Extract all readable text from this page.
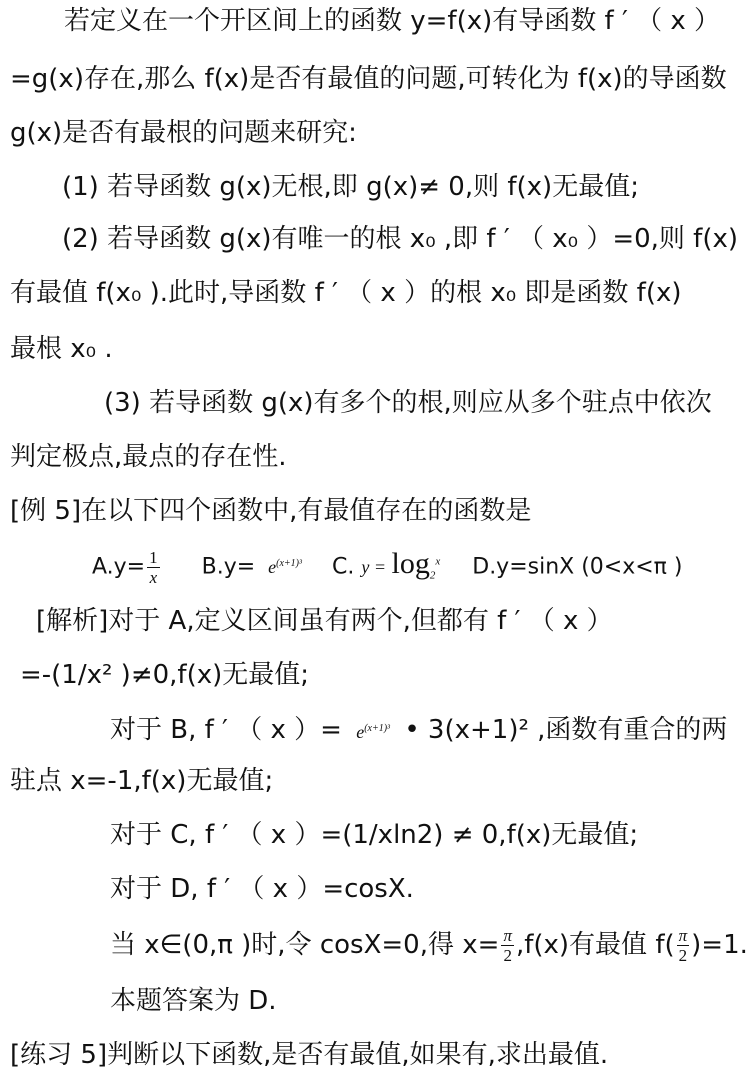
若定义在一个开区间上的函数 y=f(x)有导函数 f ′ （ x ）
=g(x)存在,那么 f(x)是否有最值的问题,可转化为 f(x)的导函数
g(x)是否有最根的问题来研究:
(1) 若导函数 g(x)无根,即 g(x)≠ 0,则 f(x)无最值;
(2) 若导函数 g(x)有唯一的根 x₀ ,即 f ′ （ x₀ ）=0,则 f(x)
有最值 f(x₀ ).此时,导函数 f ′ （ x ）的根 x₀ 即是函数 f(x)
最根 x₀ .
(3) 若导函数 g(x)有多个的根,则应从多个驻点中依次
判定极点,最点的存在性.
[例 5]在以下四个函数中,有最值存在的函数是
$A.y= \frac{1}{x} B.y= e^{(x+1)^3}$ C. $y = \log_2^x D.y=\sin X$ (0<x<π )
[解析]对于 A,定义区间虽有两个,但都有 f ′ （ x ）
=-(1/x² )≠0,f(x)无最值;
对于 B, f ′ （ x ）= $e^{(x+1)^3}$ • 3(x+1)² ,函数有重合的两
驻点 x=-1,f(x)无最值;
对于 C, f ′ （ x ）=(1/xln2) ≠ 0,f(x)无最值;
对于 D, f ′ （ x ）=cosX.
当 x∈(0,π )时,令 cosX=0,得 $x= \frac{\pi}{2} ,f(x)$有最值 $f( \frac{\pi}{2} )=1$.
本题答案为 D.
[练习 5]判断以下函数,是否有最值,如果有,求出最值.
